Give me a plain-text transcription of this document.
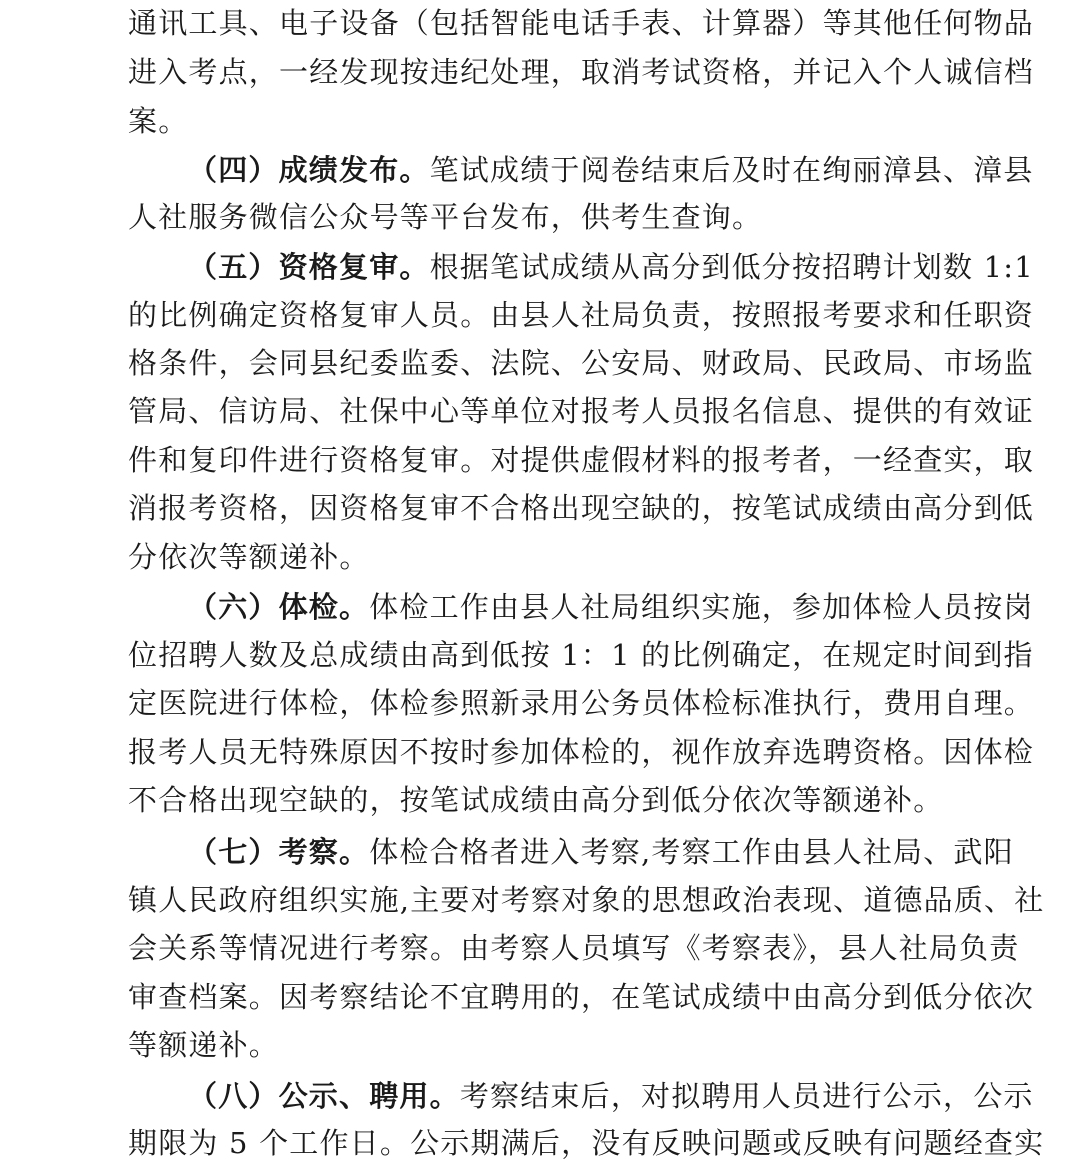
通讯工具、电子设备（包括智能电话手表、计算器）等其他任何物品
进入考点，一经发现按违纪处理，取消考试资格，并记入个人诚信档
案。
（四）成绩发布。笔试成绩于阅卷结束后及时在绚丽漳县、漳县
人社服务微信公众号等平台发布，供考生查询。
（五）资格复审。根据笔试成绩从高分到低分按招聘计划数 1:1
的比例确定资格复审人员。由县人社局负责，按照报考要求和任职资
格条件，会同县纪委监委、法院、公安局、财政局、民政局、市场监
管局、信访局、社保中心等单位对报考人员报名信息、提供的有效证
件和复印件进行资格复审。对提供虚假材料的报考者，一经查实，取
消报考资格，因资格复审不合格出现空缺的，按笔试成绩由高分到低
分依次等额递补。
（六）体检。体检工作由县人社局组织实施，参加体检人员按岗
位招聘人数及总成绩由高到低按 1：1 的比例确定，在规定时间到指
定医院进行体检，体检参照新录用公务员体检标准执行，费用自理。
报考人员无特殊原因不按时参加体检的，视作放弃选聘资格。因体检
不合格出现空缺的，按笔试成绩由高分到低分依次等额递补。
（七）考察。体检合格者进入考察,考察工作由县人社局、武阳
镇人民政府组织实施,主要对考察对象的思想政治表现、道德品质、社
会关系等情况进行考察。由考察人员填写《考察表》，县人社局负责
审查档案。因考察结论不宜聘用的，在笔试成绩中由高分到低分依次
等额递补。
（八）公示、聘用。考察结束后，对拟聘用人员进行公示，公示
期限为 5 个工作日。公示期满后，没有反映问题或反映有问题经查实
